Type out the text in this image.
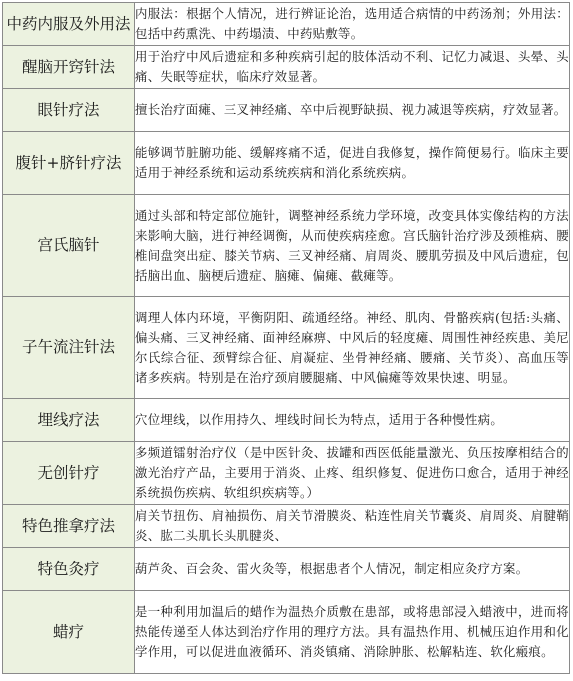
中药内服及外用法	内服法：根据个人情况，进行辨证论治，选用适合病情的中药汤剂；外用法：包括中药熏洗、中药塌渍、中药贴敷等。
醒脑开窍针法	用于治疗中风后遗症和多种疾病引起的肢体活动不利、记忆力减退、头晕、头痛、失眠等症状，临床疗效显著。
眼针疗法	擅长治疗面瘫、三叉神经痛、卒中后视野缺损、视力减退等疾病，疗效显著。
腹针+脐针疗法	能够调节脏腑功能、缓解疼痛不适，促进自我修复，操作简便易行。临床主要适用于神经系统和运动系统疾病和消化系统疾病。
宫氏脑针	通过头部和特定部位施针，调整神经系统力学环境，改变具体实像结构的方法来影响大脑，进行神经调衡，从而使疾病痊愈。宫氏脑针治疗涉及颈椎病、腰椎间盘突出症、膝关节病、三叉神经痛、肩周炎、腰肌劳损及中风后遗症，包括脑出血、脑梗后遗症、脑瘫、偏瘫、截瘫等。
子午流注针法	调理人体内环境，平衡阴阳、疏通经络。神经、肌肉、骨骼疾病(包括:头痛、偏头痛、三叉神经痛、面神经麻痹、中风后的轻度瘫、周围性神经疾患、美尼尔氏综合征、颈臂综合征、肩凝症、坐骨神经痛、腰痛、关节炎）、高血压等诸多疾病。特别是在治疗颈肩腰腿痛、中风偏瘫等效果快速、明显。
埋线疗法	穴位埋线，以作用持久、埋线时间长为特点，适用于各种慢性病。
无创针疗	多频道镭射治疗仪（是中医针灸、拔罐和西医低能量激光、负压按摩相结合的激光治疗产品，主要用于消炎、止疼、组织修复、促进伤口愈合，适用于神经系统损伤疾病、软组织疾病等。）
特色推拿疗法	肩关节扭伤、肩袖损伤、肩关节滑膜炎、粘连性肩关节囊炎、肩周炎、肩腱鞘炎、肱二头肌长头肌腱炎、
特色灸疗	葫芦灸、百会灸、雷火灸等，根据患者个人情况，制定相应灸疗方案。
蜡疗	是一种利用加温后的蜡作为温热介质敷在患部，或将患部浸入蜡液中，进而将热能传递至人体达到治疗作用的理疗方法。具有温热作用、机械压迫作用和化学作用，可以促进血液循环、消炎镇痛、消除肿胀、松解粘连、软化瘢痕。
